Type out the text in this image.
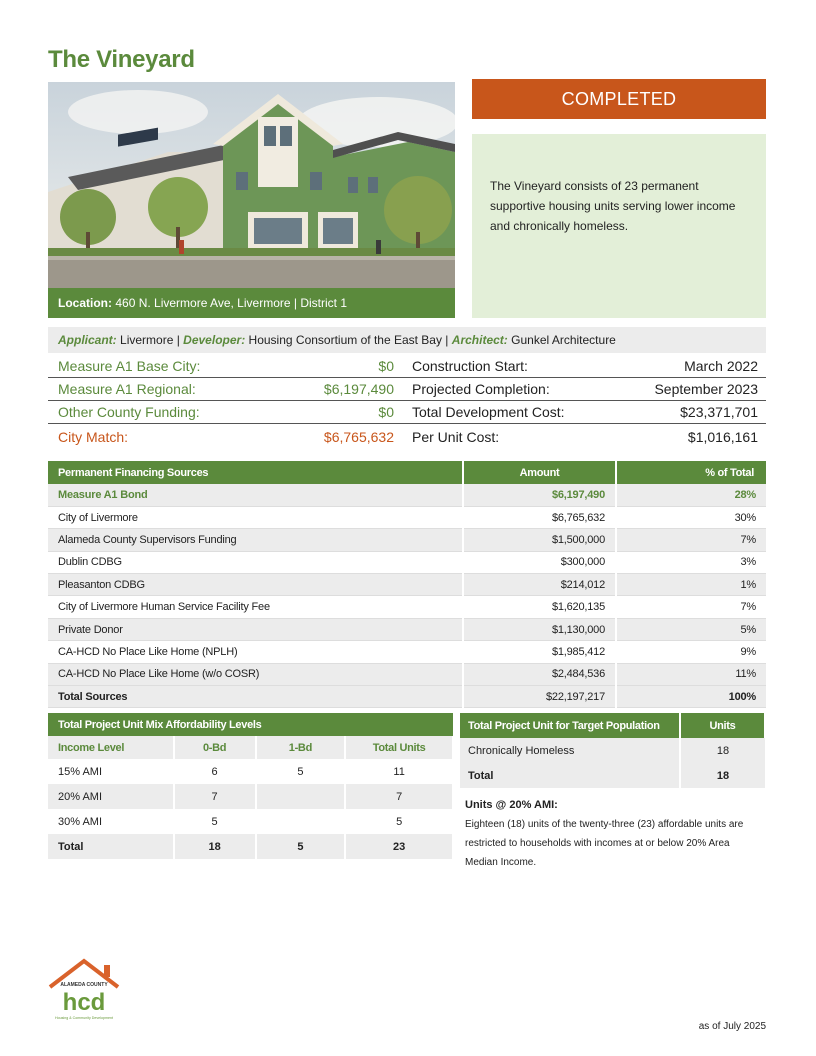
The Vineyard
Location: 460 N. Livermore Ave, Livermore | District 1
COMPLETED
The Vineyard consists of 23 permanent supportive housing units serving lower income and chronically homeless.
Applicant: Livermore | Developer: Housing Consortium of the East Bay | Architect: Gunkel Architecture
Measure A1 Base City:	$0 Construction Start:	March 2022
Measure A1 Regional:	$6,197,490 Projected Completion:	September 2023
Other County Funding:	$0 Total Development Cost:	$23,371,701
City Match:	$6,765,632 Per Unit Cost:	$1,016,161
Permanent Financing Sources	Amount	% of Total
Measure A1 Bond	$6,197,490	28%
City of Livermore	$6,765,632	30%
Alameda County Supervisors Funding	$1,500,000	7%
Dublin CDBG	$300,000	3%
Pleasanton CDBG	$214,012	1%
City of Livermore Human Service Facility Fee	$1,620,135	7%
Private Donor	$1,130,000	5%
CA-HCD No Place Like Home (NPLH)	$1,985,412	9%
CA-HCD No Place Like Home (w/o COSR)	$2,484,536	11%
Total Sources	$22,197,217	100%
Total Project Unit Mix Affordability Levels			
Income Level	0-Bd	1-Bd	Total Units
15% AMI	6	5	11
20% AMI	7		7
30% AMI	5		5
Total	18	5	23
Total Project Unit for Target Population	Units
Chronically Homeless	18
Total	18
Units @ 20% AMI:
Eighteen (18) units of the twenty-three (23) affordable units are restricted to households with incomes at or below 20% Area Median Income.
ALAMEDA COUNTY
hcd
Housing & Community Development
as of July 2025
